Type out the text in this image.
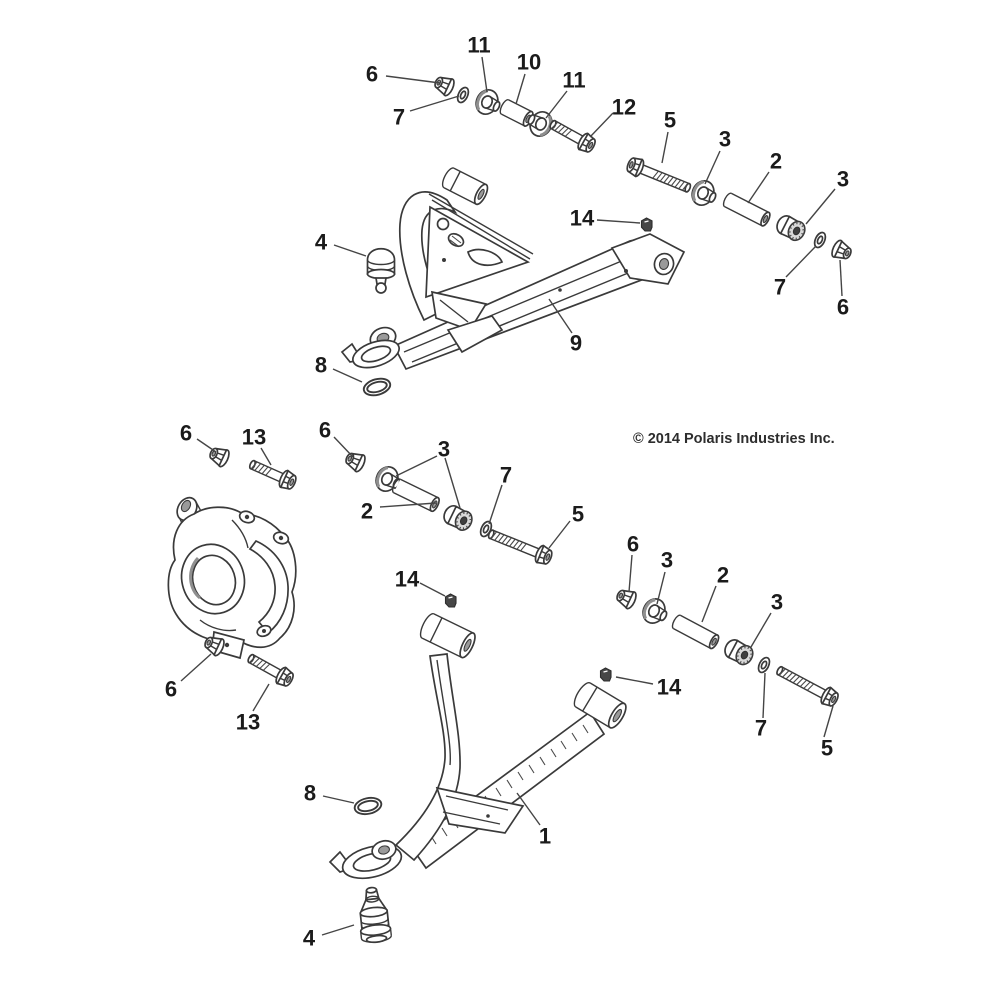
6
7
11
10
11
12
5
3
2
3
7
6
14
4
9
8
6 13 6
3
2
7
5
14
6
13
8
1
4
14
6
3
2
3
7
5
© 2014 Polaris Industries Inc.
